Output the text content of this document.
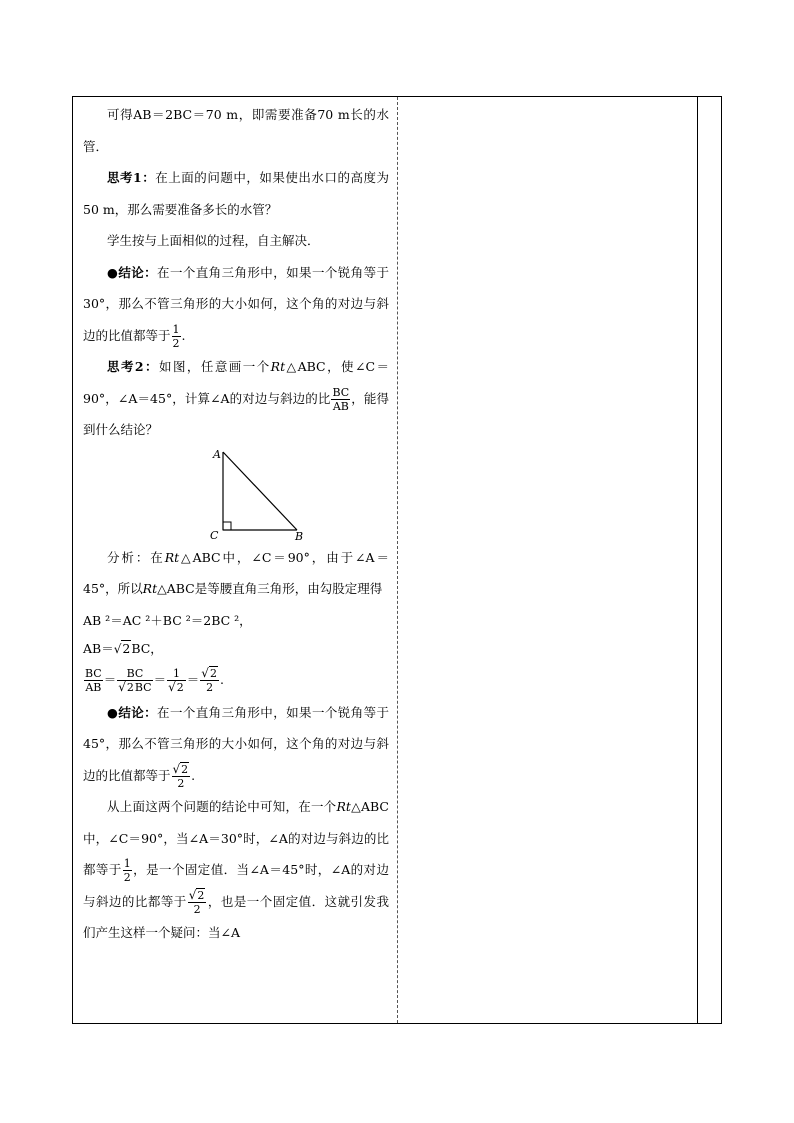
可得AB＝2BC＝70 m，即需要准备70 m长的水管．

思考1：在上面的问题中，如果使出水口的高度为50 m，那么需要准备多长的水管？

学生按与上面相似的过程，自主解决．

●结论：在一个直角三角形中，如果一个锐角等于30°，那么不管三角形的大小如何，这个角的对边与斜边的比值都等于 $\frac{1}{2}$ .

思考2：如图，任意画一个Rt△ABC，使∠C＝90°，∠A＝45°，计算∠A的对边与斜边的比 $\frac{BC}{AB}$ ，能得到什么结论？

A
C	B

分析：在Rt△ABC中，∠C＝90°，由于∠A＝45°，所以Rt△ABC是等腰直角三角形，由勾股定理得

AB ²＝AC ²＋BC ²＝2BC ²，

AB＝√2BC，

$\frac{BC}{AB} = \frac{BC}{√2BC} = \frac{1}{√2} = \frac{√2}{2}$ .

●结论：在一个直角三角形中，如果一个锐角等于45°，那么不管三角形的大小如何，这个角的对边与斜边的比值都等于 $\frac{√2}{2}$ .

从上面这两个问题的结论中可知，在一个Rt△ABC中，∠C＝90°，当∠A＝30°时，∠A的对边与斜边的比都等于 $\frac{1}{2}$ ，是一个固定值．当∠A＝45°时，∠A的对边与斜边的比都等于 $\frac{√2}{2}$ ，也是一个固定值．这就引发我们产生这样一个疑问：当∠A
